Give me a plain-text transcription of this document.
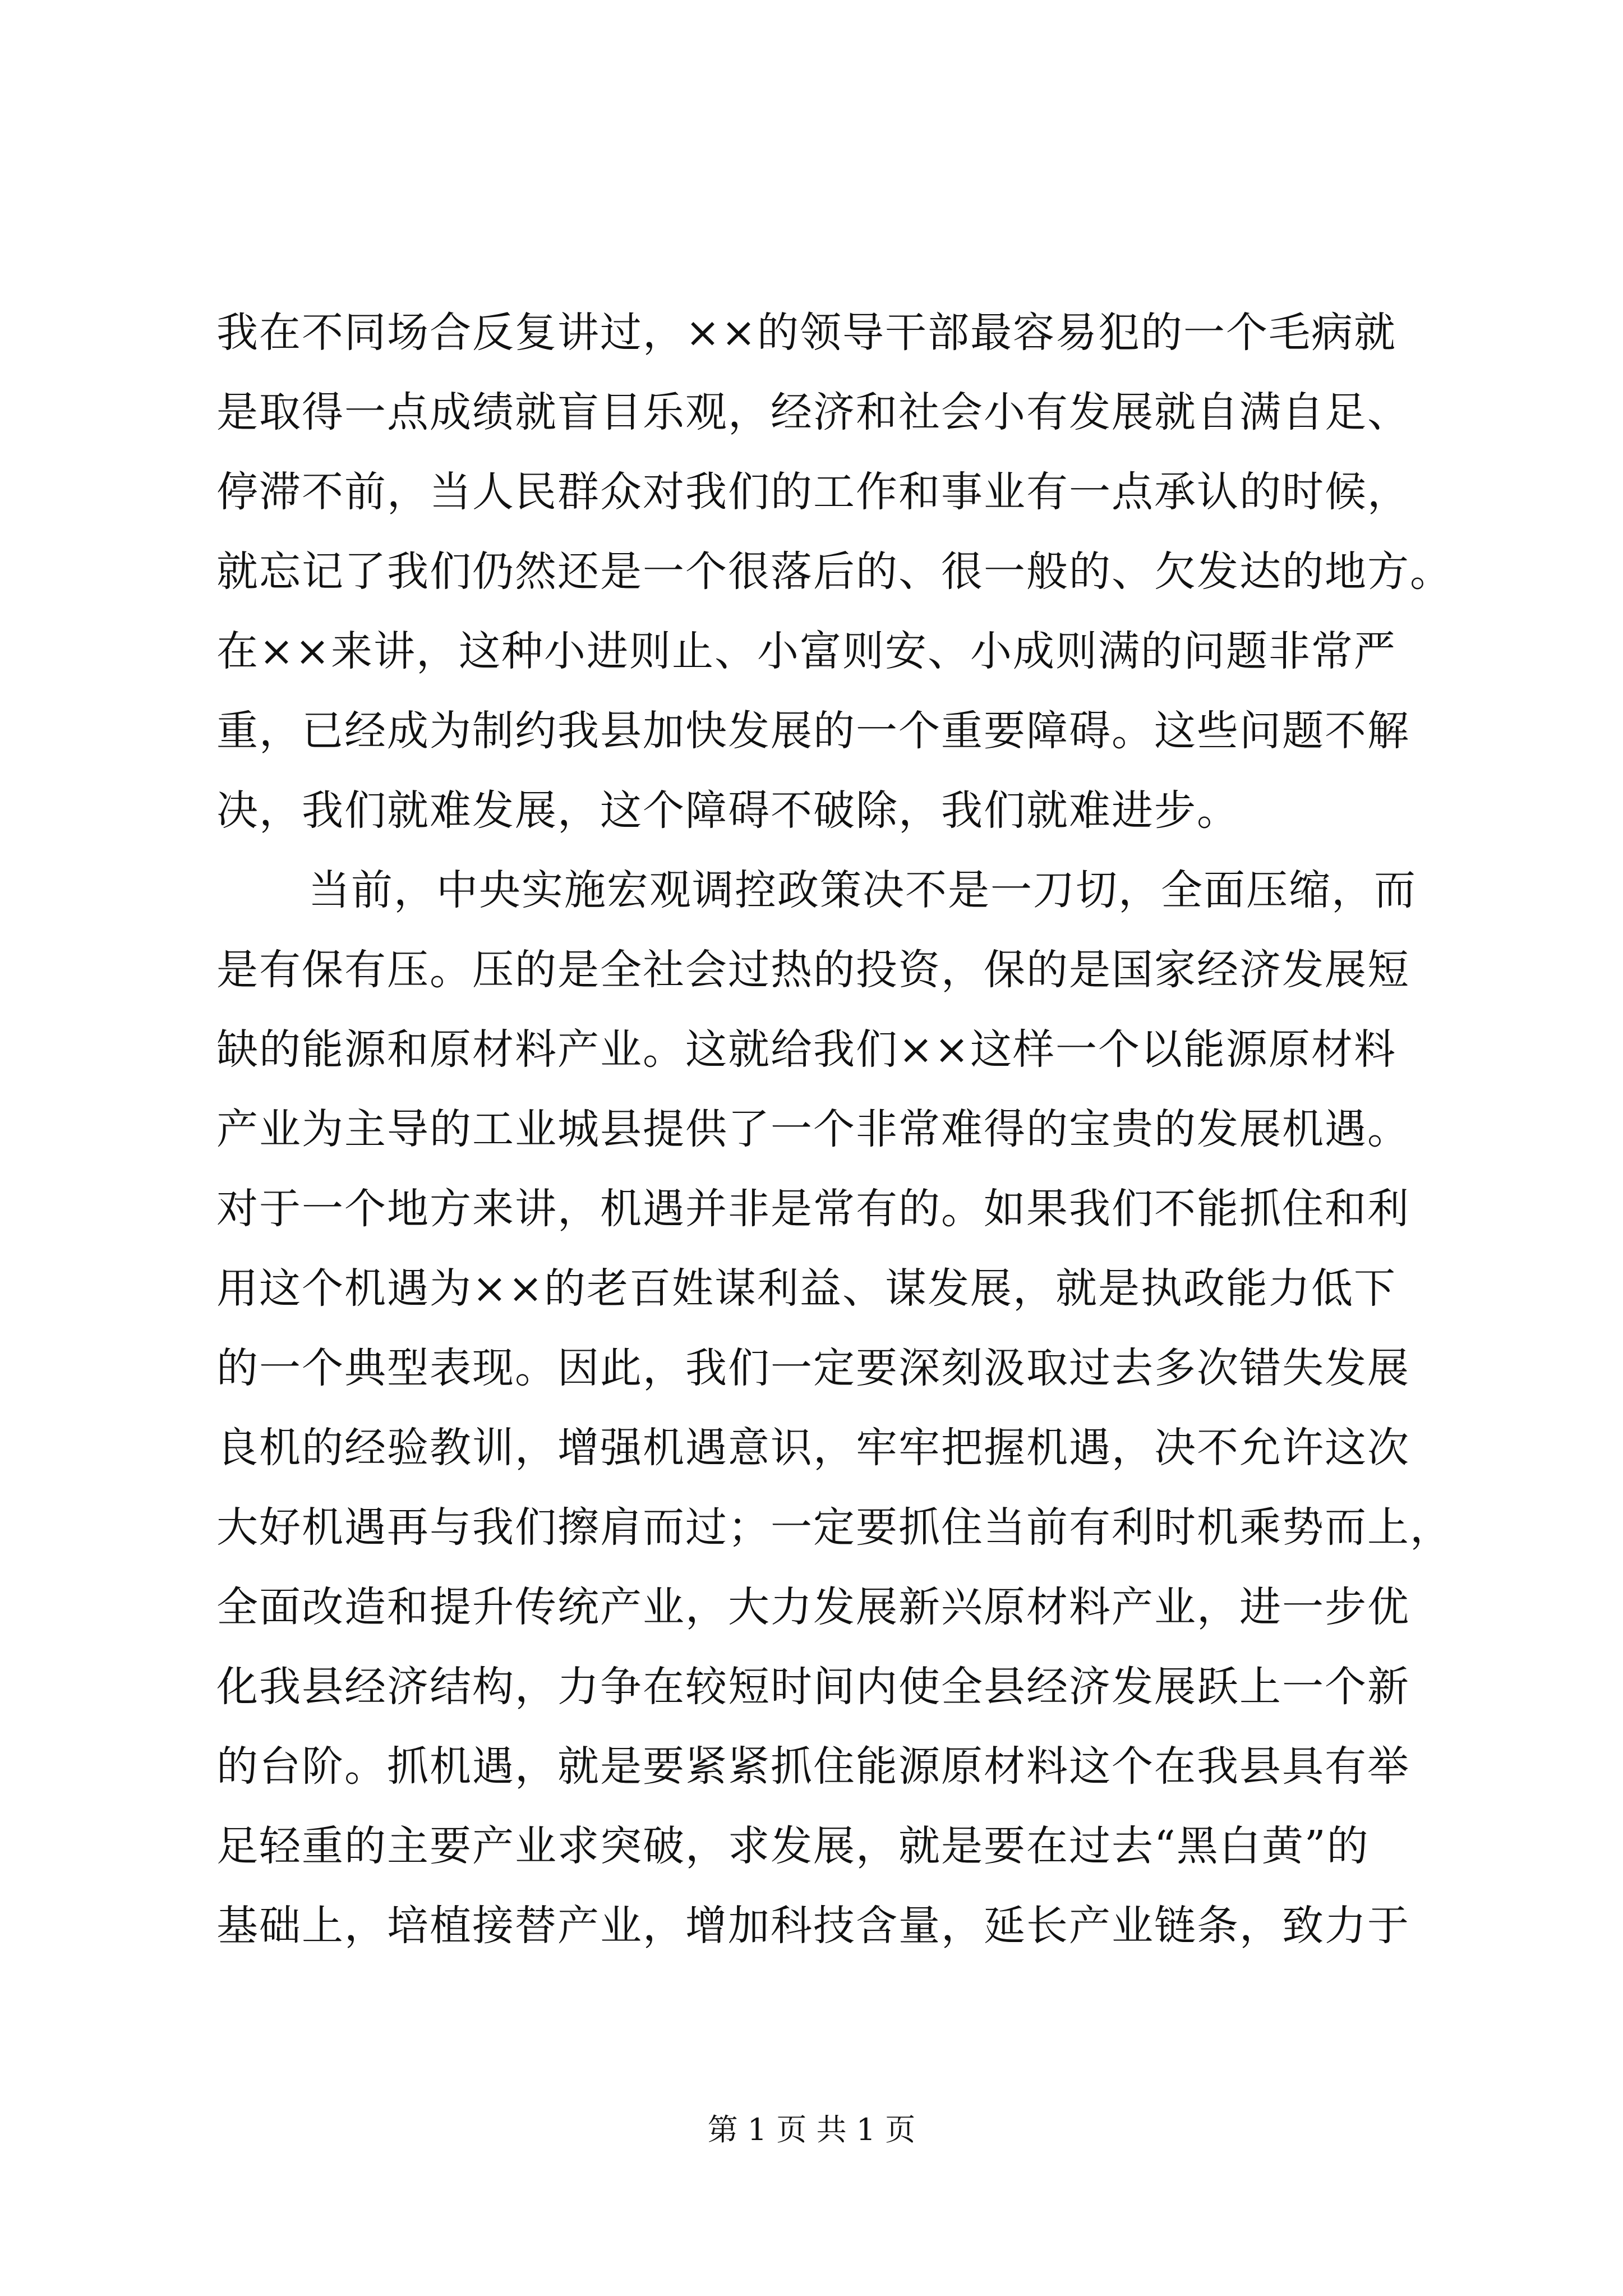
我在不同场合反复讲过，××的领导干部最容易犯的一个毛病就
是取得一点成绩就盲目乐观，经济和社会小有发展就自满自足、
停滞不前，当人民群众对我们的工作和事业有一点承认的时候，
就忘记了我们仍然还是一个很落后的、很一般的、欠发达的地方。
在××来讲，这种小进则止、小富则安、小成则满的问题非常严
重，已经成为制约我县加快发展的一个重要障碍。这些问题不解
决，我们就难发展，这个障碍不破除，我们就难进步。
当前，中央实施宏观调控政策决不是一刀切，全面压缩，而
是有保有压。压的是全社会过热的投资，保的是国家经济发展短
缺的能源和原材料产业。这就给我们××这样一个以能源原材料
产业为主导的工业城县提供了一个非常难得的宝贵的发展机遇。
对于一个地方来讲，机遇并非是常有的。如果我们不能抓住和利
用这个机遇为××的老百姓谋利益、谋发展，就是执政能力低下
的一个典型表现。因此，我们一定要深刻汲取过去多次错失发展
良机的经验教训，增强机遇意识，牢牢把握机遇，决不允许这次
大好机遇再与我们擦肩而过；一定要抓住当前有利时机乘势而上，
全面改造和提升传统产业，大力发展新兴原材料产业，进一步优
化我县经济结构，力争在较短时间内使全县经济发展跃上一个新
的台阶。抓机遇，就是要紧紧抓住能源原材料这个在我县具有举
足轻重的主要产业求突破，求发展，就是要在过去“黑白黄”的
基础上，培植接替产业，增加科技含量，延长产业链条，致力于
第 1 页 共 1 页
